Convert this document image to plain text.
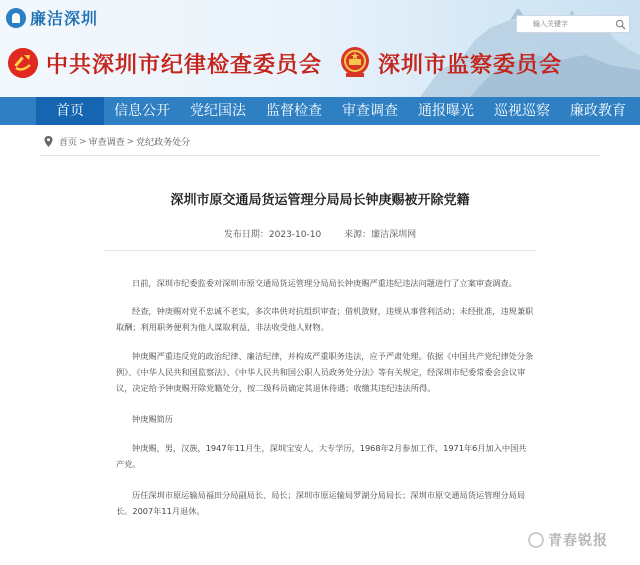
廉洁深圳
输入关键字
中共深圳市纪律检查委员会	深圳市监察委员会
首页	信息公开	党纪国法	监督检查	审查调查	通报曝光	巡视巡察	廉政教育
首页 > 审查调查 > 党纪政务处分
深圳市原交通局货运管理分局局长钟庚赐被开除党籍
发布日期：2023-10-10	来源：廉洁深圳网

日前，深圳市纪委监委对深圳市原交通局货运管理分局局长钟庚赐严重违纪违法问题进行了立案审查调查。

经查，钟庚赐对党不忠诚不老实，多次串供对抗组织审查；借机敛财，违规从事营利活动；未经批准，违规兼职取酬；利用职务便利为他人谋取利益，非法收受他人财物。

钟庚赐严重违反党的政治纪律、廉洁纪律，并构成严重职务违法，应予严肃处理。依据《中国共产党纪律处分条例》、《中华人民共和国监察法》、《中华人民共和国公职人员政务处分法》等有关规定，经深圳市纪委常委会会议审议，决定给予钟庚赐开除党籍处分，按二级科员确定其退休待遇；收缴其违纪违法所得。

钟庚赐简历

钟庚赐，男，汉族，1947年11月生，深圳宝安人，大专学历，1968年2月参加工作，1971年6月加入中国共产党。

历任深圳市原运输局福田分局副局长、局长；深圳市原运输局罗湖分局局长；深圳市原交通局货运管理分局局长。2007年11月退休。

青春锐报
